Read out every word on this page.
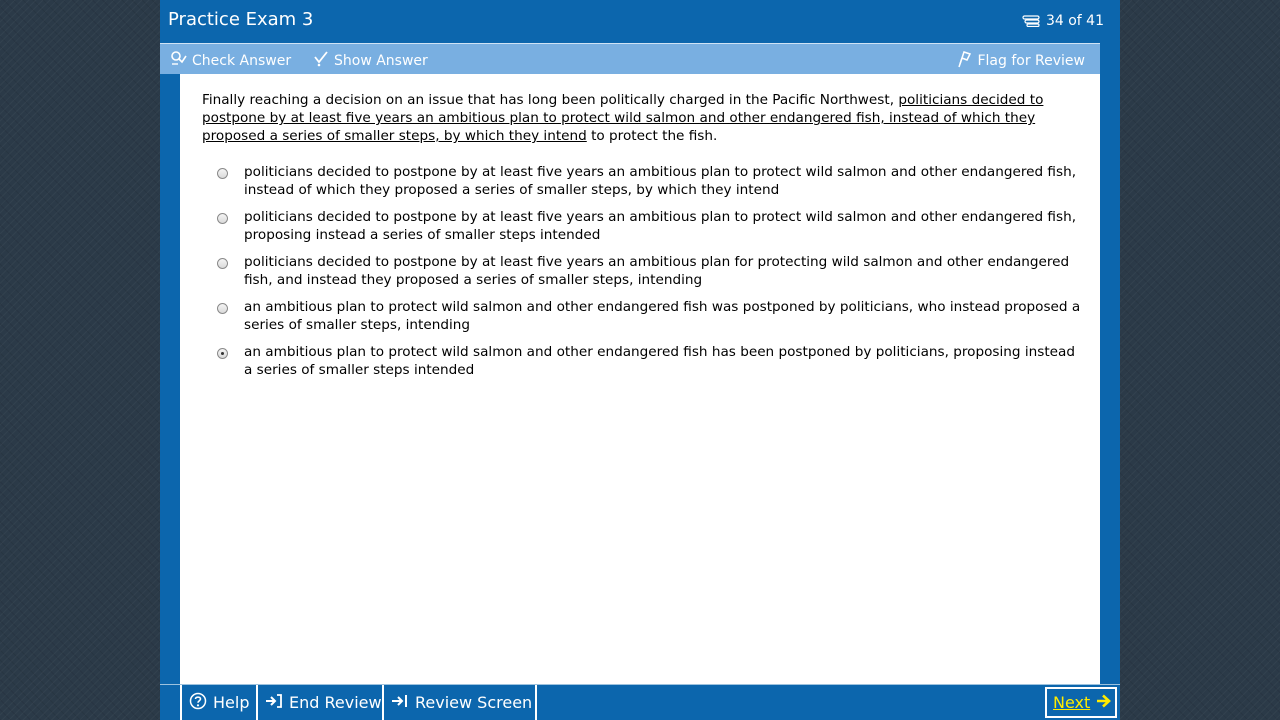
Practice Exam 3	34 of 41
Check Answer	Show Answer	Flag for Review
Finally reaching a decision on an issue that has long been politically charged in the Pacific Northwest, politicians decided to postpone by at least five years an ambitious plan to protect wild salmon and other endangered fish, instead of which they proposed a series of smaller steps, by which they intend to protect the fish.
politicians decided to postpone by at least five years an ambitious plan to protect wild salmon and other endangered fish, instead of which they proposed a series of smaller steps, by which they intend
politicians decided to postpone by at least five years an ambitious plan to protect wild salmon and other endangered fish, proposing instead a series of smaller steps intended
politicians decided to postpone by at least five years an ambitious plan for protecting wild salmon and other endangered fish, and instead they proposed a series of smaller steps, intending
an ambitious plan to protect wild salmon and other endangered fish was postponed by politicians, who instead proposed a series of smaller steps, intending
an ambitious plan to protect wild salmon and other endangered fish has been postponed by politicians, proposing instead a series of smaller steps intended
Help End Review Review Screen	Next
